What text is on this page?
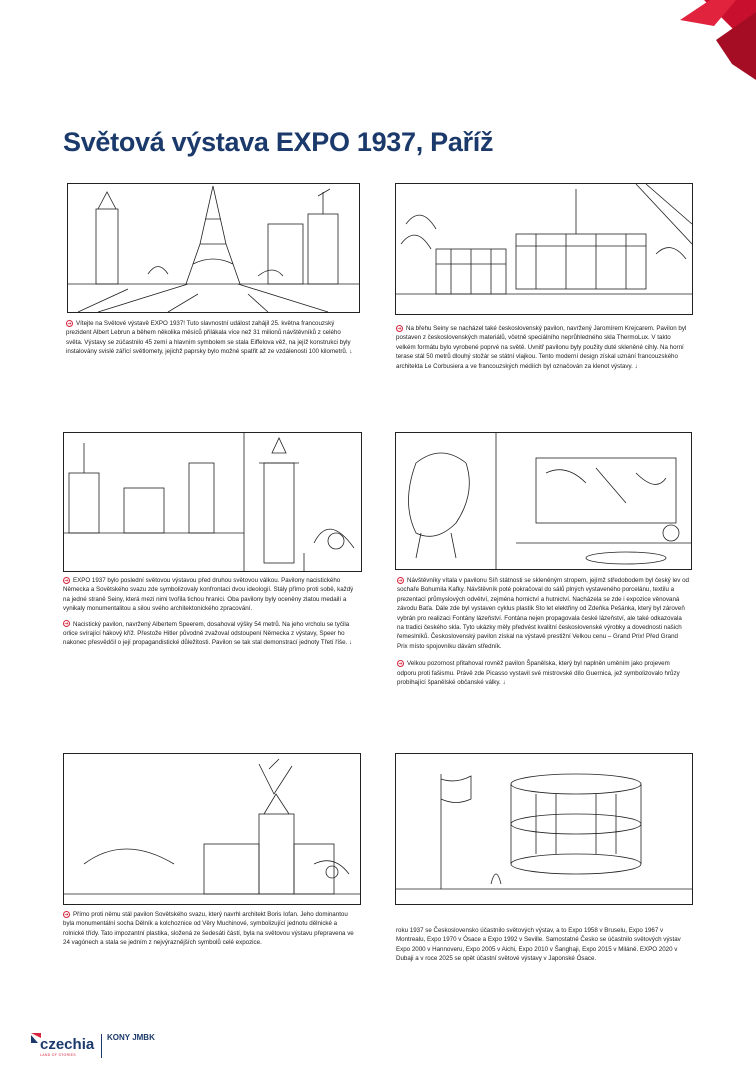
Světová výstava EXPO 1937, Paříž

➔ Vítejte na Světové výstavě EXPO 1937! Tuto slavnostní událost zahájil 25. května francouzský prezident Albert Lebrun a během několika měsíců přilákala více než 31 milionů návštěvníků z celého světa. Výstavy se zúčastnilo 45 zemí a hlavním symbolem se stala Eiffelova věž, na jejíž konstrukci byly instalovány svislé zářící světlomety, jejichž paprsky bylo možné spatřit až ze vzdálenosti 100 kilometrů. ↓

➔ Na břehu Seiny se nacházel také československý pavilon, navržený Jaromírem Krejcarem. Pavilon byl postaven z československých materiálů, včetně speciálního neprůhledného skla ThermoLux. V takto velkém formátu bylo vyrobené poprvé na světě. Uvnitř pavilonu byly použity duté skleněné cihly. Na horní terase stál 50 metrů dlouhý stožár se státní vlajkou. Tento moderní design získal uznání francouzského architekta Le Corbusiera a ve francouzských médiích byl označován za klenot výstavy. ↓

➔ EXPO 1937 bylo poslední světovou výstavou před druhou světovou válkou. Pavilony nacistického Německa a Sovětského svazu zde symbolizovaly konfrontaci dvou ideologií. Stály přímo proti sobě, každý na jedné straně Seiny, která mezi nimi tvořila tichou hranici. Oba pavilony byly oceněny zlatou medailí a vynikaly monumentalitou a silou svého architektonického zpracování.

➔ Nacistický pavilon, navržený Albertem Speerem, dosahoval výšky 54 metrů. Na jeho vrcholu se tyčila orlice svírající hákový kříž. Přestože Hitler původně zvažoval odstoupení Německa z výstavy, Speer ho nakonec přesvědčil o její propagandistické důležitosti. Pavilon se tak stal demonstrací jednoty Třetí říše. ↓

➔ Návštěvníky vítala v pavilonu Síň státnosti se skleněným stropem, jejímž středobodem byl český lev od sochaře Bohumila Kafky. Návštěvník poté pokračoval do sálů plných vystaveného porcelánu, textilu a prezentací průmyslových odvětví, zejména hornictví a hutnictví. Nacházela se zde i expozice věnovaná závodu Baťa. Dále zde byl vystaven cyklus plastik Sto let elektřiny od Zdeňka Pešánka, který byl zároveň vybrán pro realizaci Fontány lázeňství. Fontána nejen propagovala české lázeňství, ale také odkazovala na tradici českého skla. Tyto ukázky měly předvést kvalitní československé výrobky a dovednosti našich řemeslníků. Československý pavilon získal na výstavě prestižní Velkou cenu – Grand Prix! Před Grand Prix místo spojovníku dávám středník.

➔ Velkou pozornost přitahoval rovněž pavilon Španělska, který byl naplněn uměním jako projevem odporu proti fašismu. Právě zde Picasso vystavil své mistrovské dílo Guernica, jež symbolizovalo hrůzy probíhající španělské občanské války. ↓

➔ Přímo proti němu stál pavilon Sovětského svazu, který navrhl architekt Boris Iofan. Jeho dominantou byla monumentální socha Dělník a kolchoznice od Věry Muchinové, symbolizující jednotu dělnické a rolnické třídy. Tato impozantní plastika, složená ze šedesáti částí, byla na světovou výstavu přepravena ve 24 vagónech a stala se jedním z nejvýraznějších symbolů celé expozice.

roku 1937 se Československo účastnilo světových výstav, a to Expo 1958 v Bruselu, Expo 1967 v Montrealu, Expo 1970 v Ósace a Expo 1992 v Seville. Samostatné Česko se účastnilo světových výstav Expo 2000 v Hannoveru, Expo 2005 v Aichi, Expo 2010 v Šanghaji, Expo 2015 v Miláně. EXPO 2020 v Dubaji a v roce 2025 se opět účastní světové výstavy v Japonské Ósace.

czechia
LAND OF STORIES
KONY JMBK
